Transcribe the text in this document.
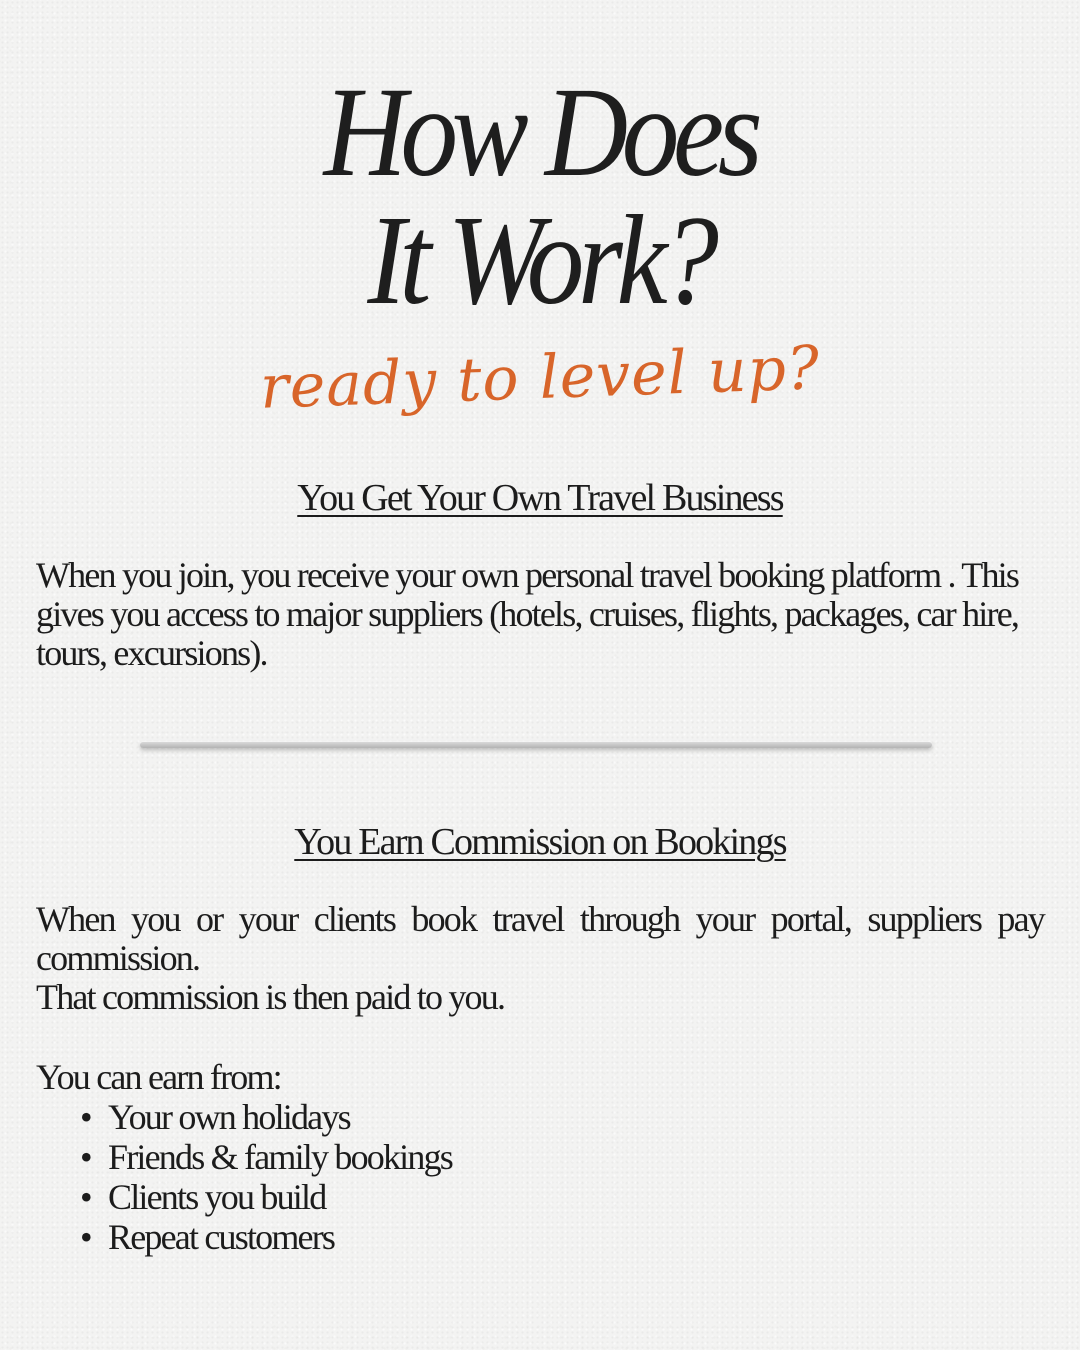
How Does
It Work?
ready to level up?
You Get Your Own Travel Business

When you join, you receive your own personal travel booking platform . This gives you access to major suppliers (hotels, cruises, flights, packages, car hire, tours, excursions).

You Earn Commission on Bookings

When you or your clients book travel through your portal, suppliers pay commission.
That commission is then paid to you.

You can earn from:

• Your own holidays
• Friends & family bookings
• Clients you build
• Repeat customers
